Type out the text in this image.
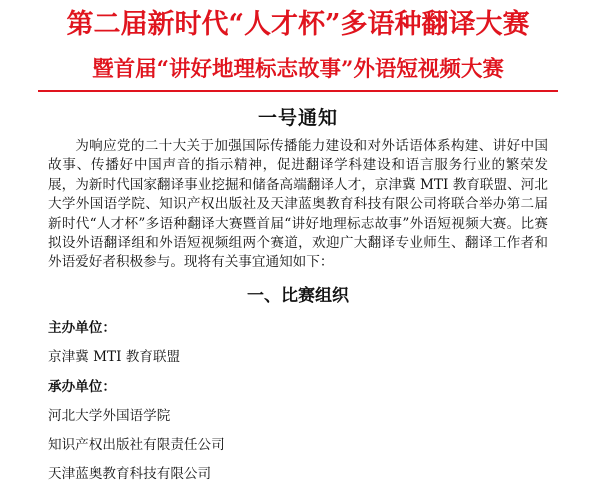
第二届新时代“人才杯”多语种翻译大赛
暨首届“讲好地理标志故事”外语短视频大赛
一号通知

为响应党的二十大关于加强国际传播能力建设和对外话语体系构建、讲好中国故事、传播好中国声音的指示精神，促进翻译学科建设和语言服务行业的繁荣发展，为新时代国家翻译事业挖掘和储备高端翻译人才，京津冀 MTI 教育联盟、河北大学外国语学院、知识产权出版社及天津蓝奥教育科技有限公司将联合举办第二届新时代“人才杯”多语种翻译大赛暨首届“讲好地理标志故事”外语短视频大赛。比赛拟设外语翻译组和外语短视频组两个赛道，欢迎广大翻译专业师生、翻译工作者和外语爱好者积极参与。现将有关事宜通知如下：

一、比赛组织

主办单位：

京津冀 MTI 教育联盟

承办单位：

河北大学外国语学院

知识产权出版社有限责任公司

天津蓝奥教育科技有限公司
